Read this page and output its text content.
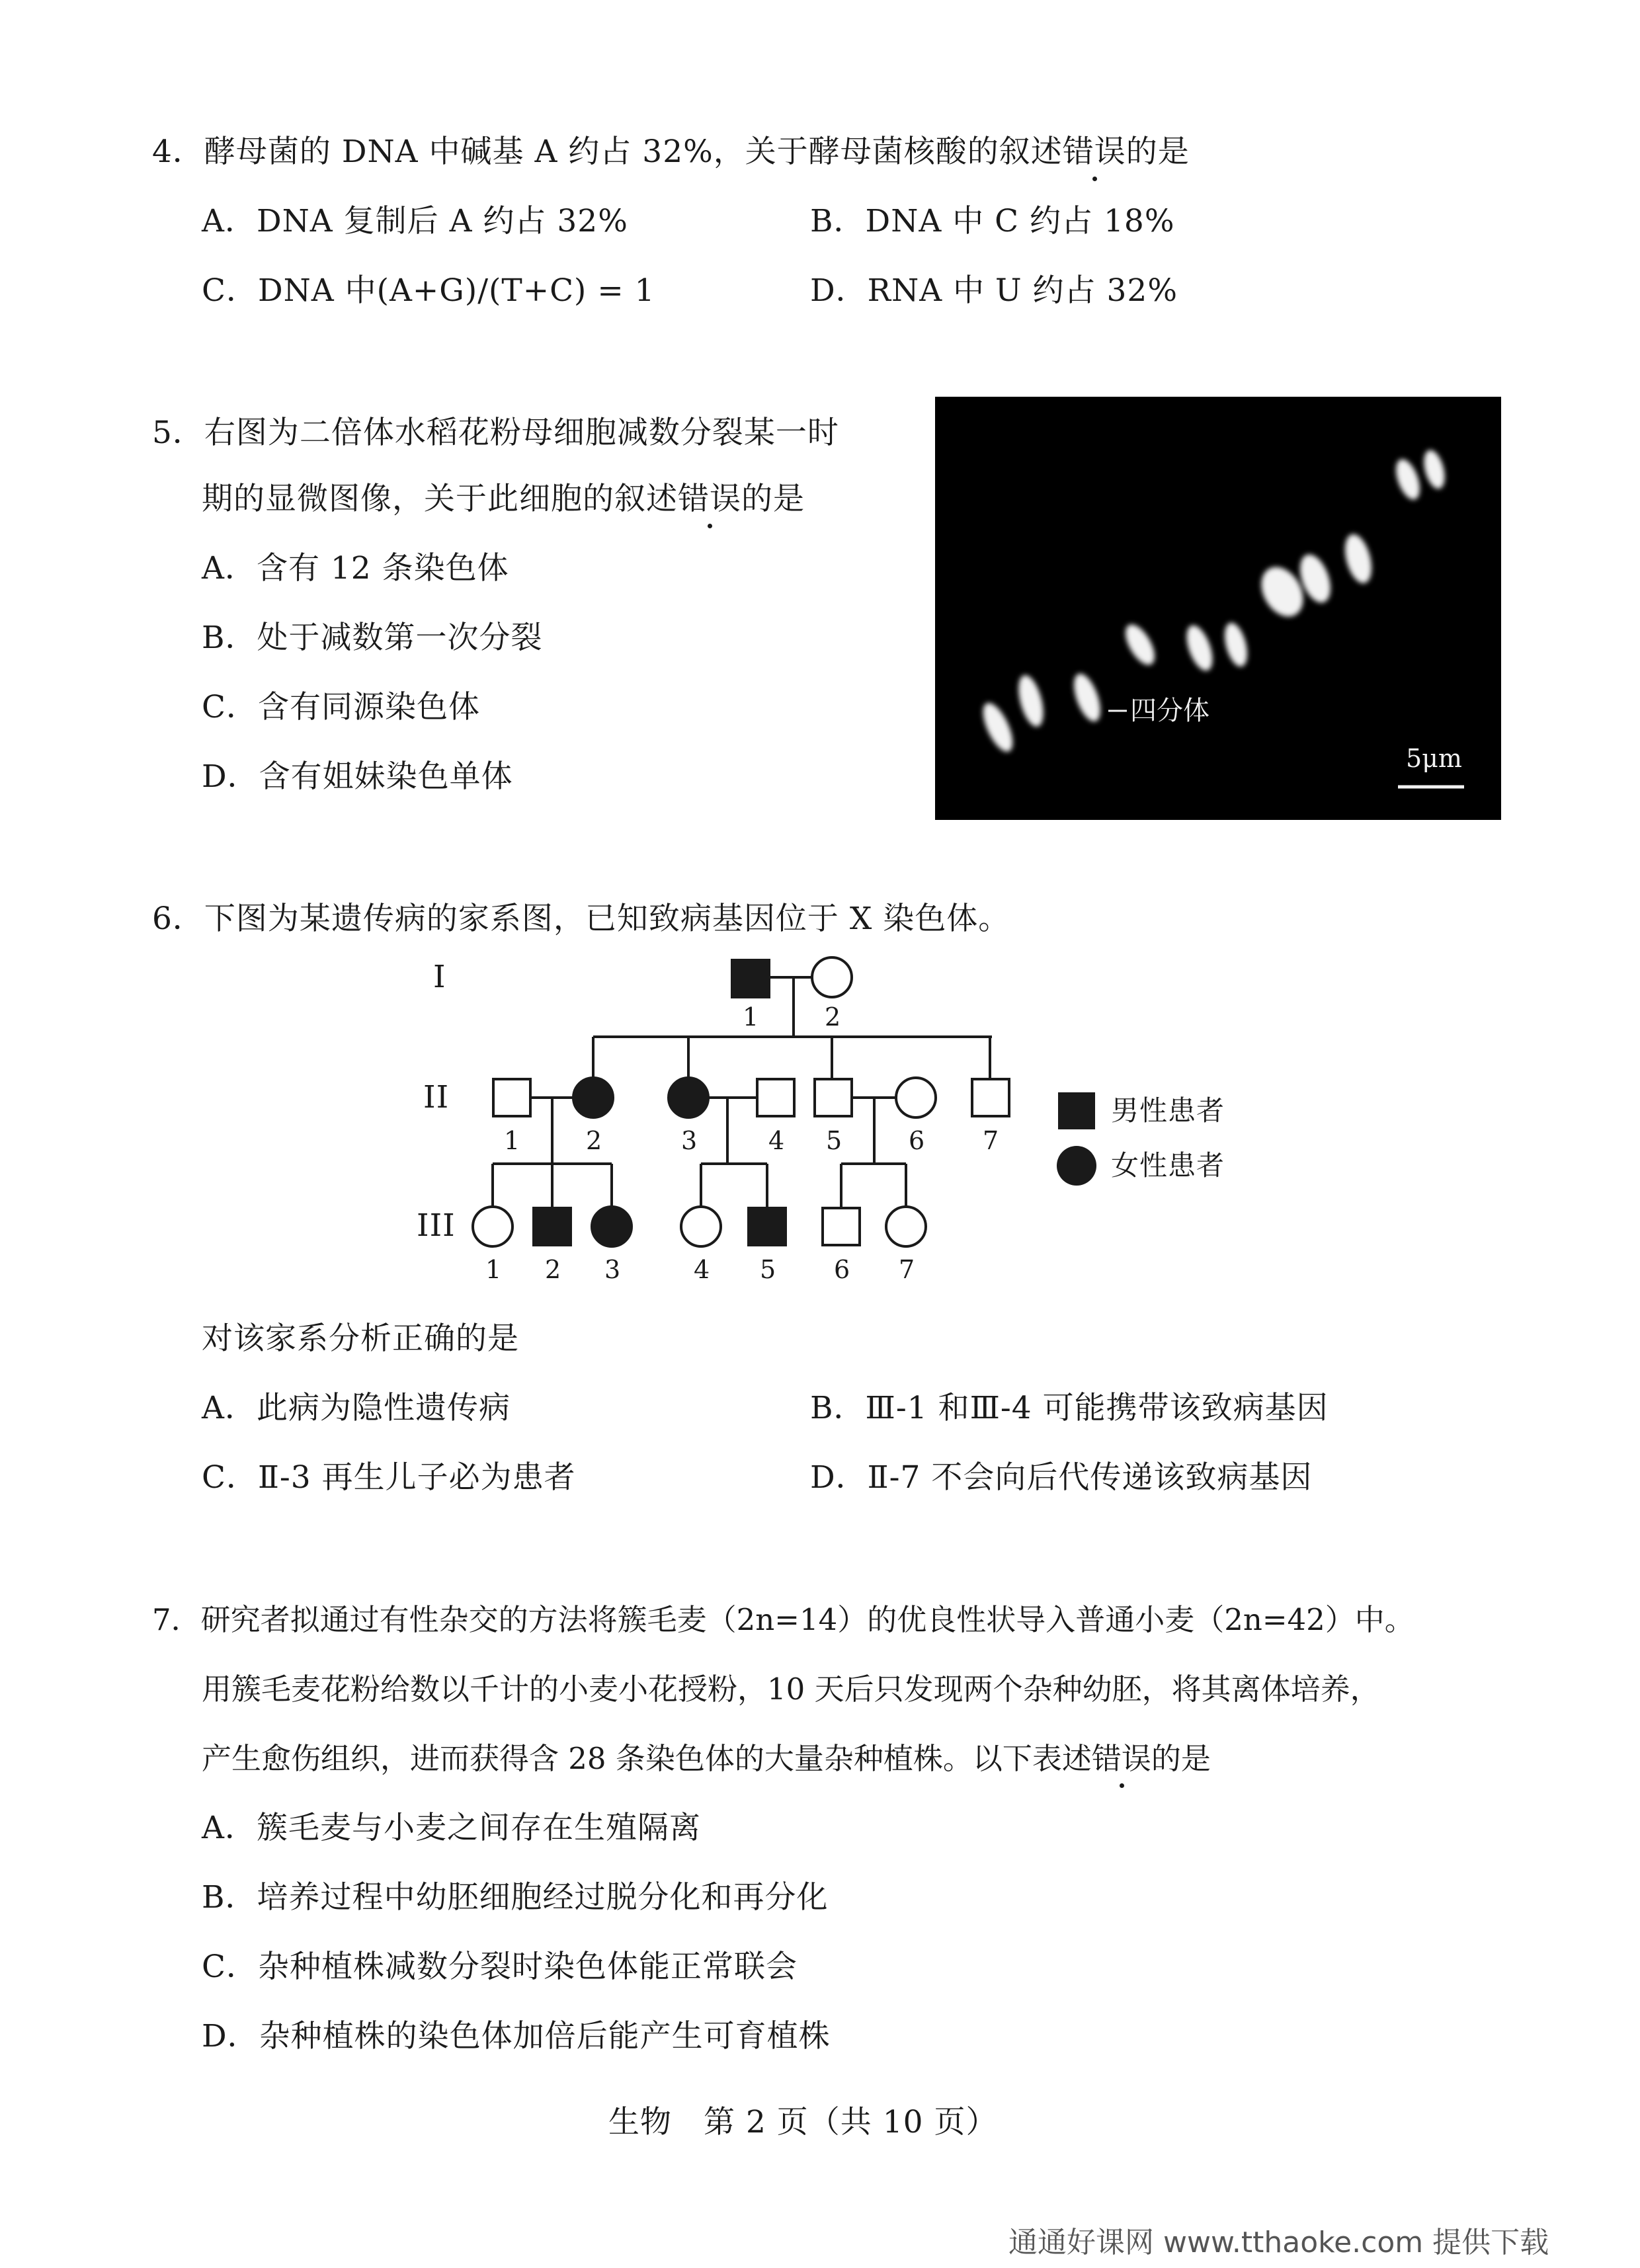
4．酵母菌的 DNA 中碱基 A 约占 32%，关于酵母菌核酸的叙述错误的是
A．DNA 复制后 A 约占 32%	B．DNA 中 C 约占 18%
C．DNA 中(A+G)/(T+C) = 1	D．RNA 中 U 约占 32%
5．右图为二倍体水稻花粉母细胞减数分裂某一时
期的显微图像，关于此细胞的叙述错误的是
A．含有 12 条染色体
B．处于减数第一次分裂
C．含有同源染色体
D．含有姐妹染色单体
四分体
5μm
6．下图为某遗传病的家系图，已知致病基因位于 X 染色体。
I
II
III
1	2
1	2	3	4 5	6 7
1 2 3	4 5 6 7
男性患者
女性患者
对该家系分析正确的是
A．此病为隐性遗传病	B．Ⅲ-1 和Ⅲ-4 可能携带该致病基因
C．Ⅱ-3 再生儿子必为患者	D．Ⅱ-7 不会向后代传递该致病基因
7．研究者拟通过有性杂交的方法将簇毛麦（2n=14）的优良性状导入普通小麦（2n=42）中。
用簇毛麦花粉给数以千计的小麦小花授粉，10 天后只发现两个杂种幼胚，将其离体培养，
产生愈伤组织，进而获得含 28 条染色体的大量杂种植株。以下表述错误的是
A．簇毛麦与小麦之间存在生殖隔离
B．培养过程中幼胚细胞经过脱分化和再分化
C．杂种植株减数分裂时染色体能正常联会
D．杂种植株的染色体加倍后能产生可育植株
生物　第 2 页（共 10 页）
通通好课网 www.tthaoke.com 提供下载
